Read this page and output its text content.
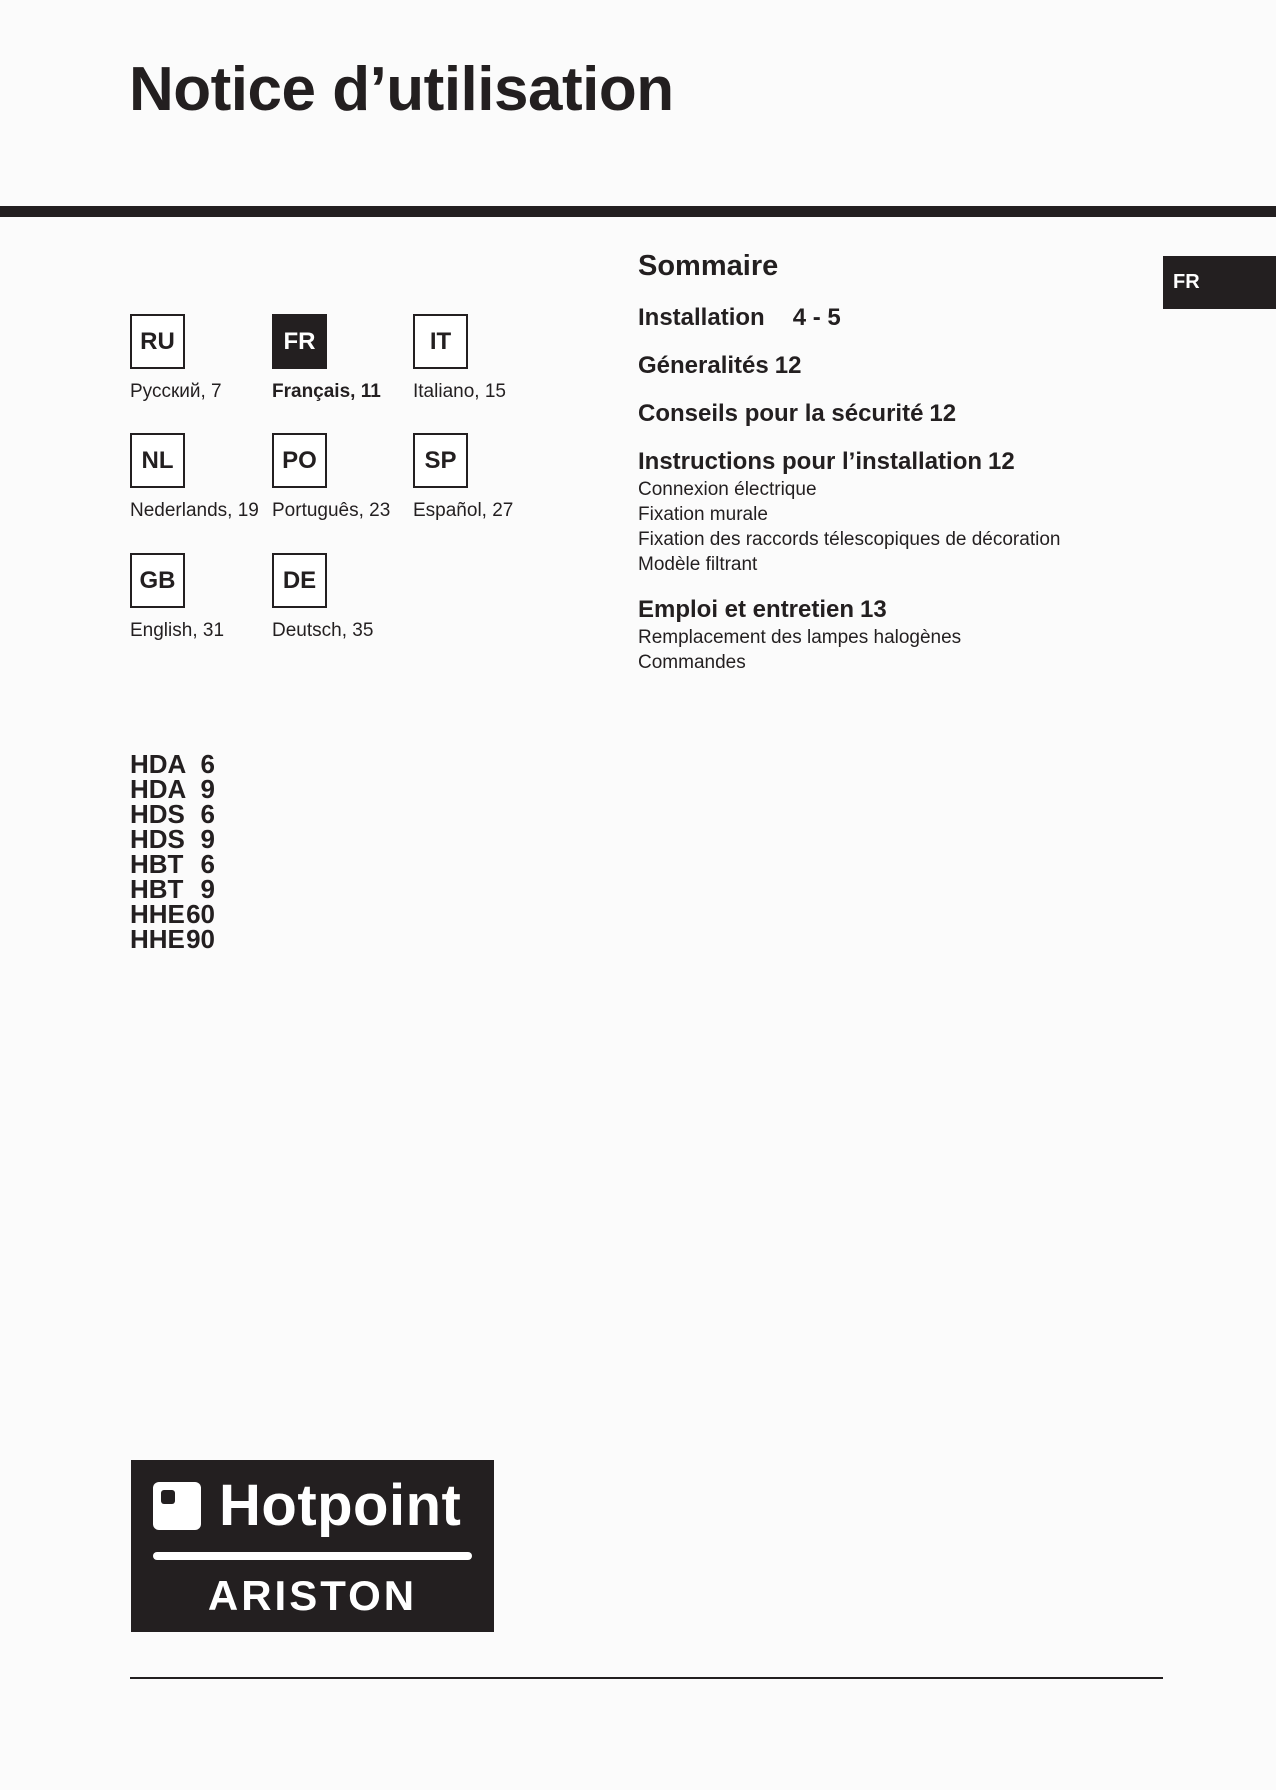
Notice d’utilisation
FR
RU
Русский, 7
FR
Français, 11
IT
Italiano, 15
NL
Nederlands, 19
PO
Português, 23
SP
Español, 27
GB
English, 31
DE
Deutsch, 35
HDA 6
HDA 9
HDS 6
HDS 9
HBT 6
HBT 9
HHE 60
HHE 90
Sommaire
Installation 4 - 5
Géneralités 12
Conseils pour la sécurité 12
Instructions pour l’installation 12
Connexion électrique
Fixation murale
Fixation des raccords télescopiques de décoration
Modèle filtrant
Emploi et entretien 13
Remplacement des lampes halogènes
Commandes
Hotpoint
ARISTON
